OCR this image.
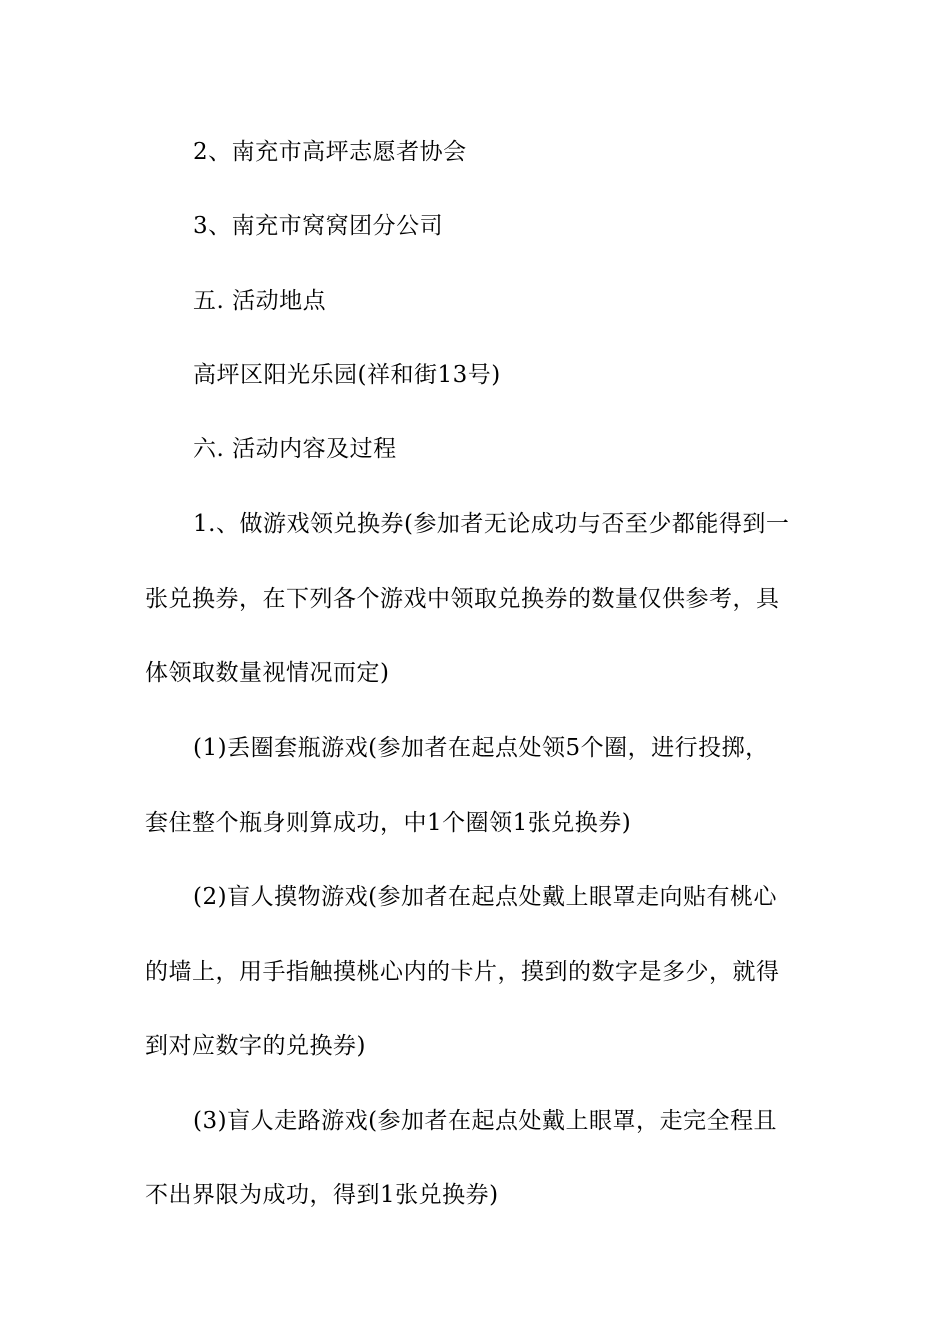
2、南充市高坪志愿者协会
3、南充市窝窝团分公司
五. 活动地点
高坪区阳光乐园(祥和街13号)
六. 活动内容及过程
1.、做游戏领兑换券(参加者无论成功与否至少都能得到一
张兑换券，在下列各个游戏中领取兑换券的数量仅供参考，具
体领取数量视情况而定)
(1)丢圈套瓶游戏(参加者在起点处领5个圈，进行投掷，
套住整个瓶身则算成功，中1个圈领1张兑换券)
(2)盲人摸物游戏(参加者在起点处戴上眼罩走向贴有桃心
的墙上，用手指触摸桃心内的卡片，摸到的数字是多少，就得
到对应数字的兑换券)
(3)盲人走路游戏(参加者在起点处戴上眼罩，走完全程且
不出界限为成功，得到1张兑换券)
